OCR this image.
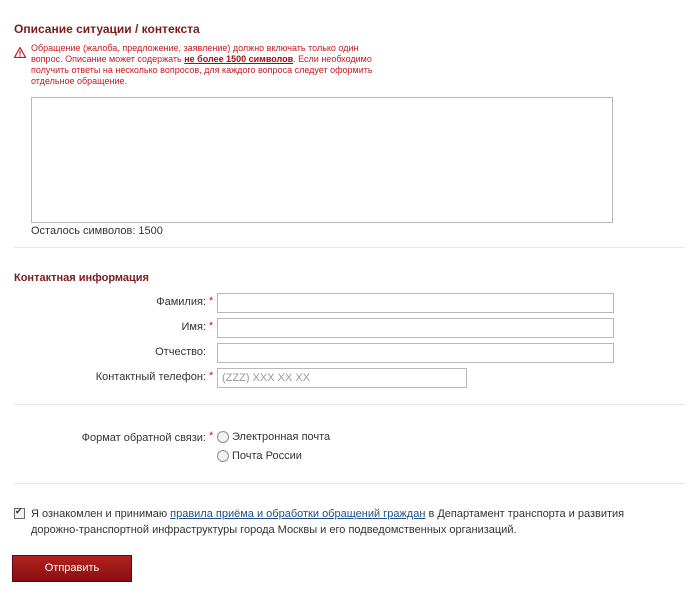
Описание ситуации / контекста
Обращение (жалоба, предложение, заявление) должно включать только один вопрос. Описание может содержать не более 1500 символов. Если необходимо получить ответы на несколько вопросов, для каждого вопроса следует оформить отдельное обращение.
Осталось символов: 1500
Контактная информация
Фамилия: *
Имя: *
Отчество:
Контактный телефон: * (ZZZ) XXX XX XX
Формат обратной связи: * Электронная почта
Почта России
✔
Я ознакомлен и принимаю правила приёма и обработки обращений граждан в Департамент транспорта и развития дорожно-транспортной инфраструктуры города Москвы и его подведомственных организаций.
Отправить
